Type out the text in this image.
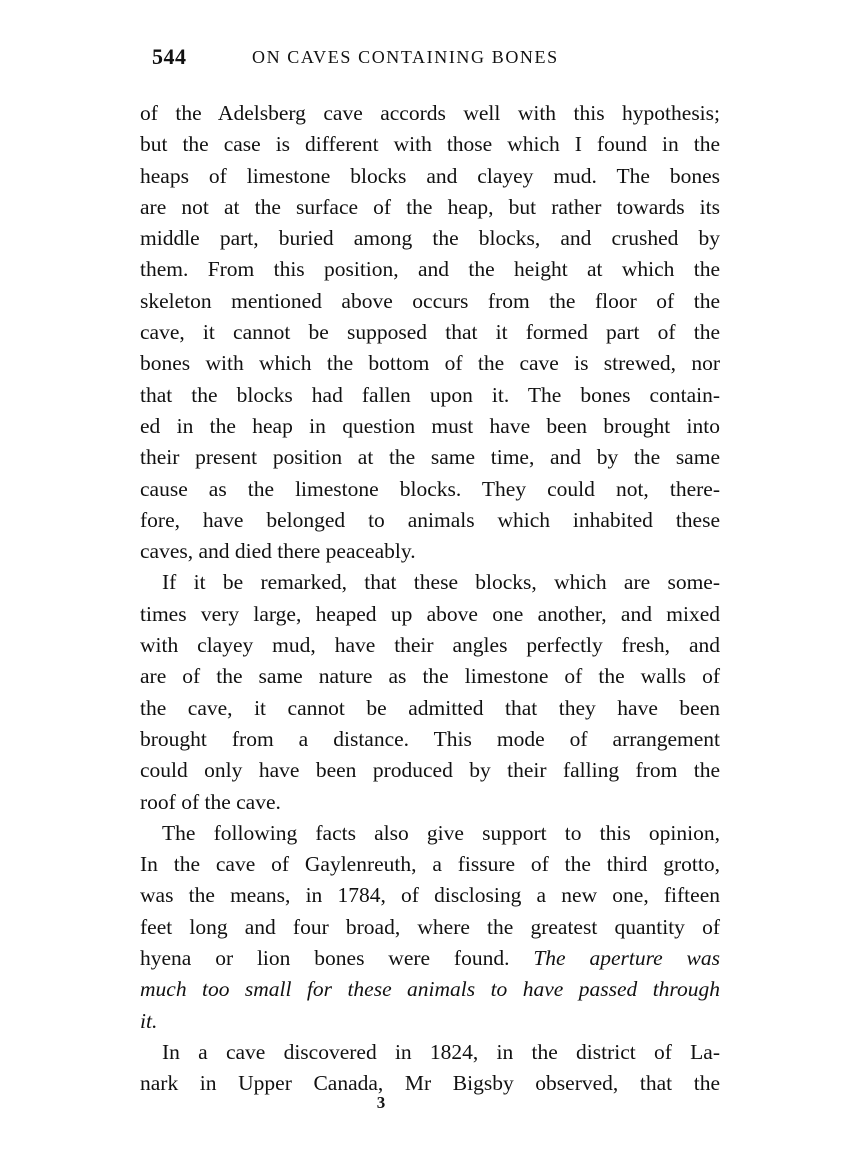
544	ON CAVES CONTAINING BONES
of the Adelsberg cave accords well with this hypothesis;
but the case is different with those which I found in the
heaps of limestone blocks and clayey mud. The bones
are not at the surface of the heap, but rather towards its
middle part, buried among the blocks, and crushed by
them. From this position, and the height at which the
skeleton mentioned above occurs from the floor of the
cave, it cannot be supposed that it formed part of the
bones with which the bottom of the cave is strewed, nor
that the blocks had fallen upon it. The bones contain-
ed in the heap in question must have been brought into
their present position at the same time, and by the same
cause as the limestone blocks. They could not, there-
fore, have belonged to animals which inhabited these
caves, and died there peaceably.
If it be remarked, that these blocks, which are some-
times very large, heaped up above one another, and mixed
with clayey mud, have their angles perfectly fresh, and
are of the same nature as the limestone of the walls of
the cave, it cannot be admitted that they have been
brought from a distance. This mode of arrangement
could only have been produced by their falling from the
roof of the cave.
The following facts also give support to this opinion,
In the cave of Gaylenreuth, a fissure of the third grotto,
was the means, in 1784, of disclosing a new one, fifteen
feet long and four broad, where the greatest quantity of
hyena or lion bones were found. The aperture was
much too small for these animals to have passed through
it.
In a cave discovered in 1824, in the district of La-
nark in Upper Canada, Mr Bigsby observed, that the
3
